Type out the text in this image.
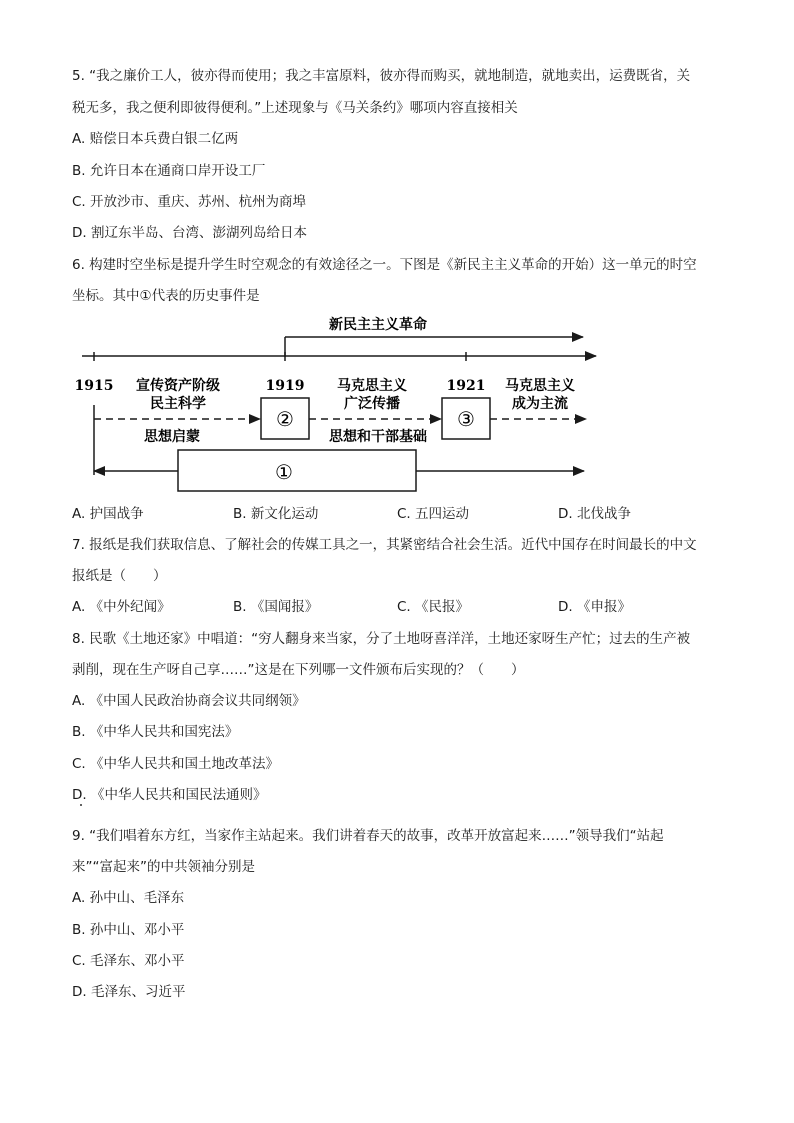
5. “我之廉价工人，彼亦得而使用；我之丰富原料，彼亦得而购买，就地制造，就地卖出，运费既省，关
税无多，我之便利即彼得便利。”上述现象与《马关条约》哪项内容直接相关
A. 赔偿日本兵费白银二亿两
B. 允许日本在通商口岸开设工厂
C. 开放沙市、重庆、苏州、杭州为商埠
D. 割辽东半岛、台湾、澎湖列岛给日本
6. 构建时空坐标是提升学生时空观念的有效途径之一。下图是《新民主主义革命的开始）这一单元的时空
坐标。其中①代表的历史事件是
新民主主义革命
1915	1919	1921
宣传资产阶级
民主科学
马克思主义
广泛传播
马克思主义
成为主流
②	③
思想启蒙	思想和干部基础
①
A. 护国战争	B. 新文化运动	C. 五四运动	D. 北伐战争
7. 报纸是我们获取信息、了解社会的传媒工具之一，其紧密结合社会生活。近代中国存在时间最长的中文
报纸是（　　）
A. 《中外纪闻》	B. 《国闻报》	C. 《民报》	D. 《申报》
8. 民歌《土地还家》中唱道：“穷人翻身来当家，分了土地呀喜洋洋，土地还家呀生产忙；过去的生产被
剥削，现在生产呀自己享……”这是在下列哪一文件颁布后实现的？（　　）
A. 《中国人民政治协商会议共同纲领》
B. 《中华人民共和国宪法》
C. 《中华人民共和国土地改革法》
D. 《中华人民共和国民法通则》
9. “我们唱着东方红，当家作主站起来。我们讲着春天的故事，改革开放富起来……”领导我们“站起
来”“富起来”的中共领袖分别是
A. 孙中山、毛泽东
B. 孙中山、邓小平
C. 毛泽东、邓小平
D. 毛泽东、习近平
